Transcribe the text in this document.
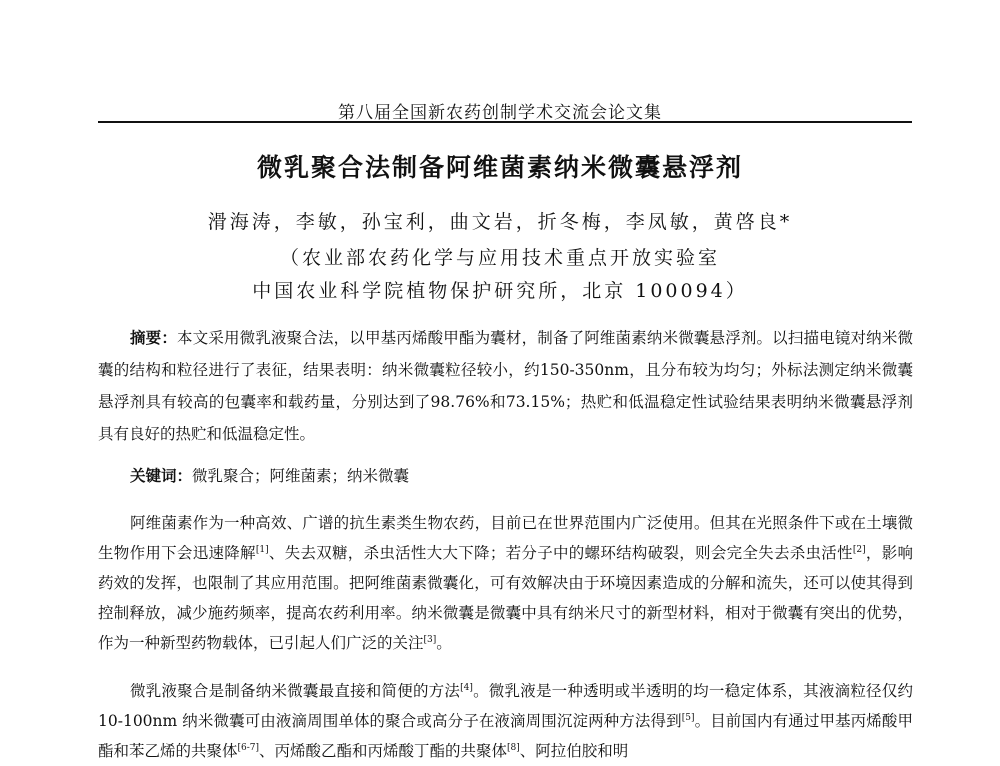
第八届全国新农药创制学术交流会论文集
微乳聚合法制备阿维菌素纳米微囊悬浮剂
滑海涛，李敏，孙宝利，曲文岩，折冬梅，李凤敏，黄啓良*
（农业部农药化学与应用技术重点开放实验室
中国农业科学院植物保护研究所，北京 100094）

摘要：本文采用微乳液聚合法，以甲基丙烯酸甲酯为囊材，制备了阿维菌素纳米微囊悬浮剂。以扫描电镜对纳米微囊的结构和粒径进行了表征，结果表明：纳米微囊粒径较小，约150-350nm，且分布较为均匀；外标法测定纳米微囊悬浮剂具有较高的包囊率和载药量，分别达到了98.76%和73.15%；热贮和低温稳定性试验结果表明纳米微囊悬浮剂具有良好的热贮和低温稳定性。

关键词：微乳聚合；阿维菌素；纳米微囊

阿维菌素作为一种高效、广谱的抗生素类生物农药，目前已在世界范围内广泛使用。但其在光照条件下或在土壤微生物作用下会迅速降解[1]、失去双糖，杀虫活性大大下降；若分子中的螺环结构破裂，则会完全失去杀虫活性[2]，影响药效的发挥，也限制了其应用范围。把阿维菌素微囊化，可有效解决由于环境因素造成的分解和流失，还可以使其得到控制释放，减少施药频率，提高农药利用率。纳米微囊是微囊中具有纳米尺寸的新型材料，相对于微囊有突出的优势，作为一种新型药物载体，已引起人们广泛的关注[3]。

微乳液聚合是制备纳米微囊最直接和简便的方法[4]。微乳液是一种透明或半透明的均一稳定体系，其液滴粒径仅约10-100nm 纳米微囊可由液滴周围单体的聚合或高分子在液滴周围沉淀两种方法得到[5]。目前国内有通过甲基丙烯酸甲酯和苯乙烯的共聚体[6-7]、丙烯酸乙酯和丙烯酸丁酯的共聚体[8]、阿拉伯胶和明
